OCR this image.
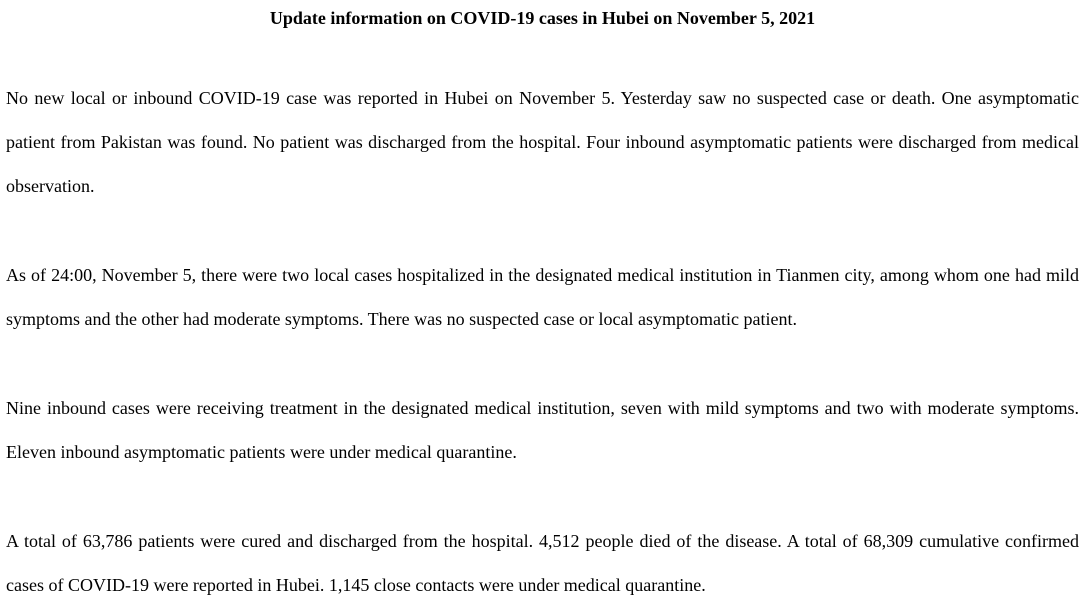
Update information on COVID-19 cases in Hubei on November 5, 2021

No new local or inbound COVID-19 case was reported in Hubei on November 5. Yesterday saw no suspected case or death. One asymptomatic patient from Pakistan was found. No patient was discharged from the hospital. Four inbound asymptomatic patients were discharged from medical observation.

As of 24:00, November 5, there were two local cases hospitalized in the designated medical institution in Tianmen city, among whom one had mild symptoms and the other had moderate symptoms. There was no suspected case or local asymptomatic patient.

Nine inbound cases were receiving treatment in the designated medical institution, seven with mild symptoms and two with moderate symptoms. Eleven inbound asymptomatic patients were under medical quarantine.

A total of 63,786 patients were cured and discharged from the hospital. 4,512 people died of the disease. A total of 68,309 cumulative confirmed cases of COVID-19 were reported in Hubei. 1,145 close contacts were under medical quarantine.
